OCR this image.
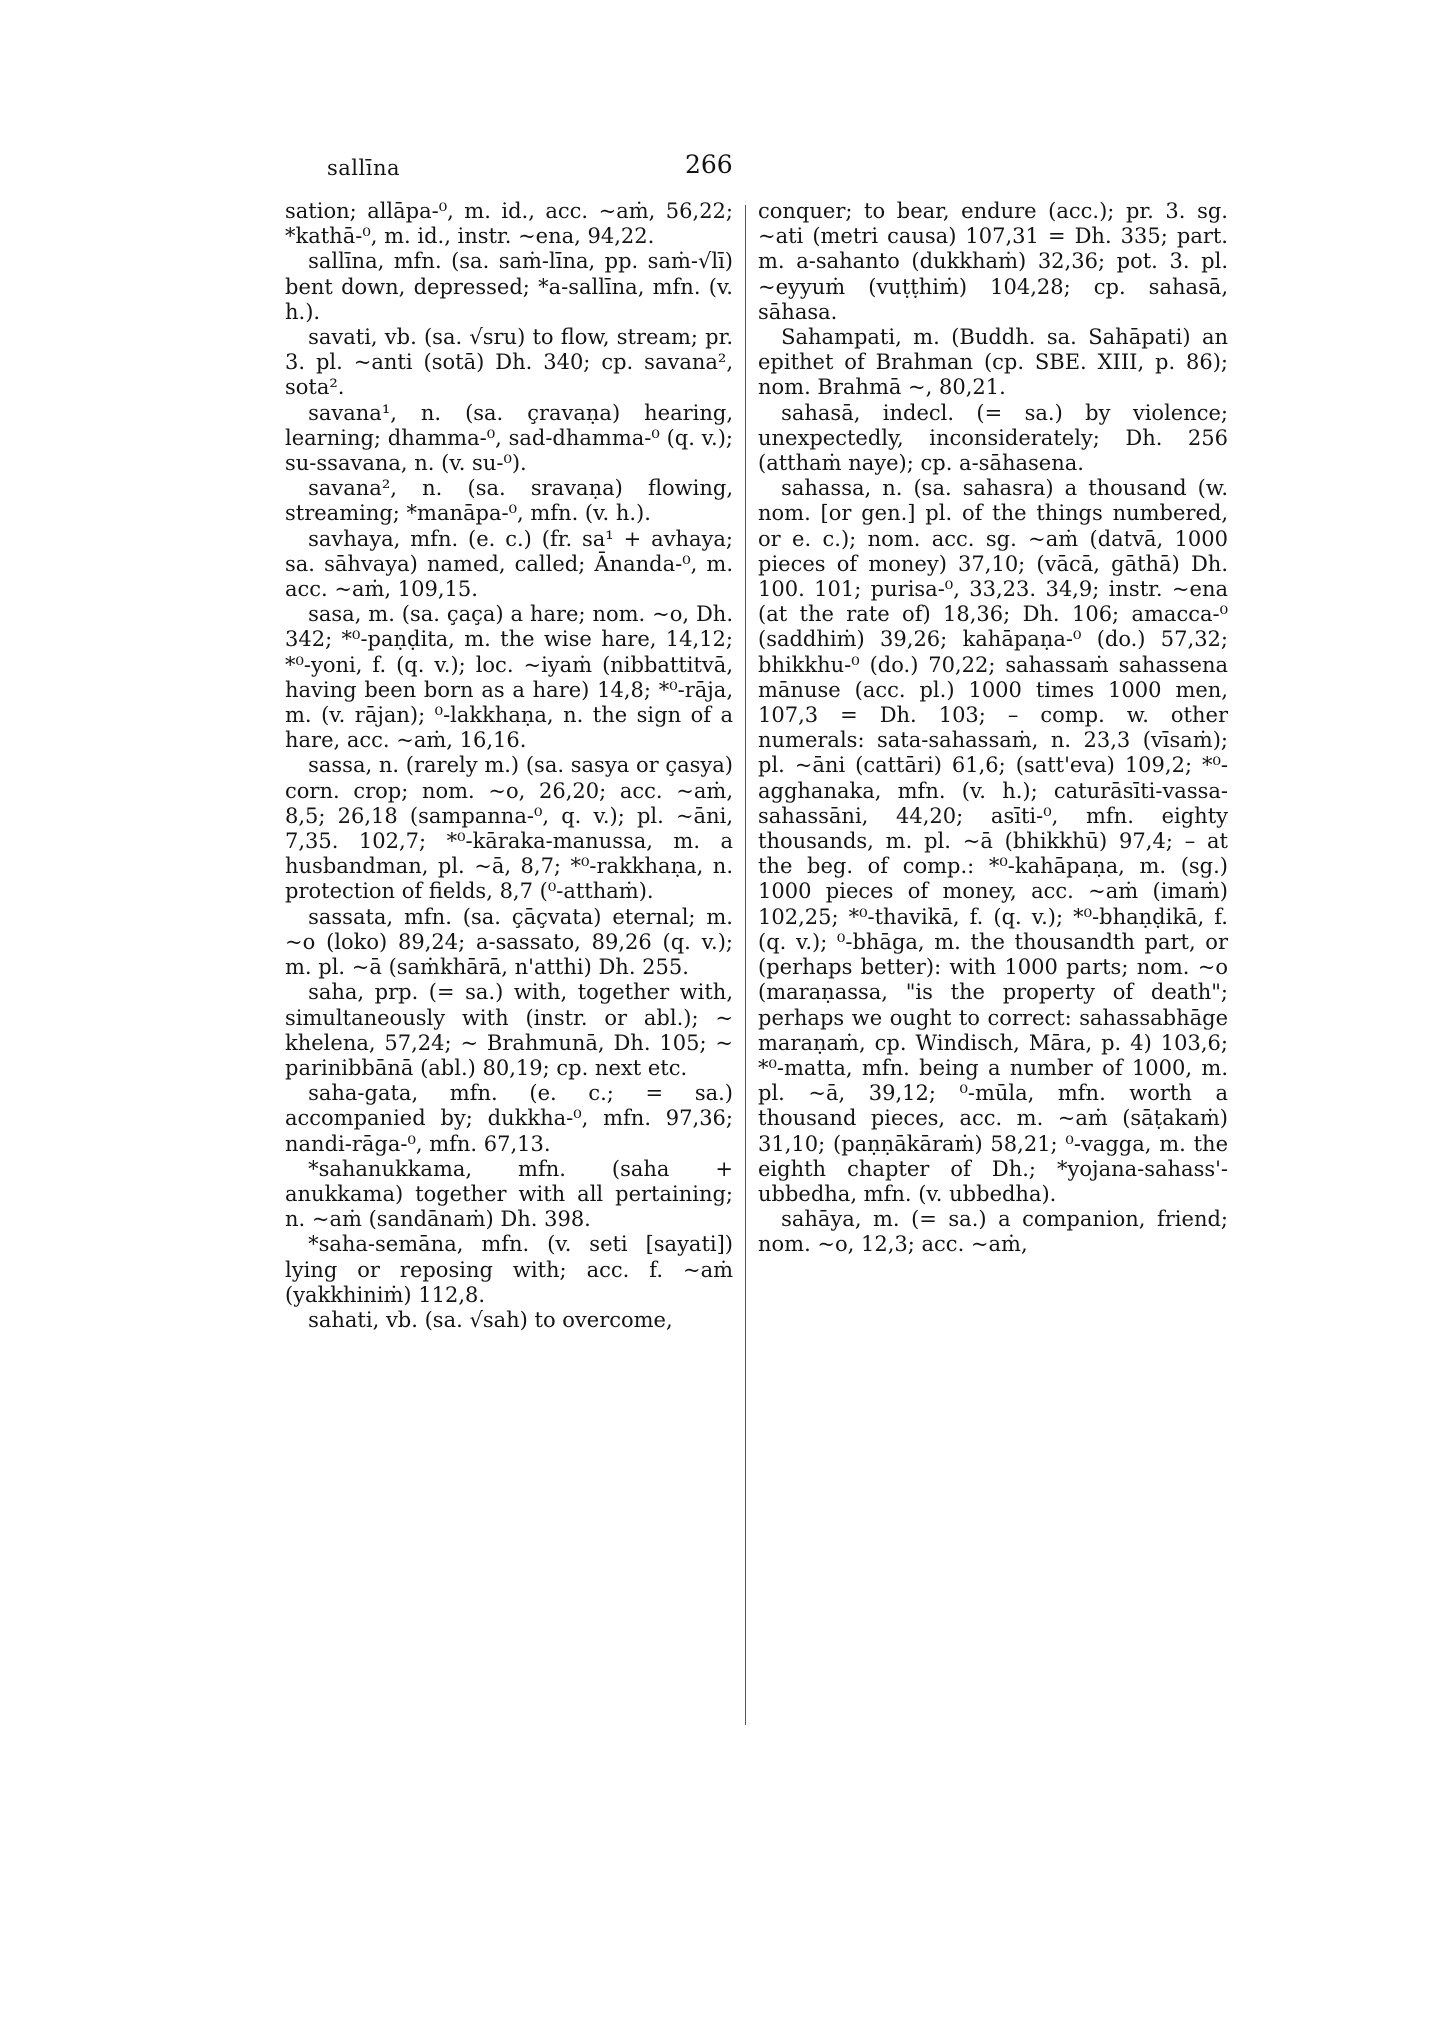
sallīna	266

sation; allāpa-⁰, m. id., acc. ~aṁ, 56,22; *kathā-⁰, m. id., instr. ~ena, 94,22.

sallīna, mfn. (sa. saṁ-līna, pp. saṁ-√lī) bent down, depressed; *a-sallīna, mfn. (v. h.).

savati, vb. (sa. √sru) to flow, stream; pr. 3. pl. ~anti (sotā) Dh. 340; cp. savana², sota².

savana¹, n. (sa. çravaṇa) hearing, learning; dhamma-⁰, sad-dhamma-⁰ (q. v.); su-ssavana, n. (v. su-⁰).

savana², n. (sa. sravaṇa) flowing, streaming; *manāpa-⁰, mfn. (v. h.).

savhaya, mfn. (e. c.) (fr. sa¹ + avhaya; sa. sāhvaya) named, called; Ānanda-⁰, m. acc. ~aṁ, 109,15.

sasa, m. (sa. çaça) a hare; nom. ~o, Dh. 342; *⁰-paṇḍita, m. the wise hare, 14,12; *⁰-yoni, f. (q. v.); loc. ~iyaṁ (nibbattitvā, having been born as a hare) 14,8; *⁰-rāja, m. (v. rājan); ⁰-lakkhaṇa, n. the sign of a hare, acc. ~aṁ, 16,16.

sassa, n. (rarely m.) (sa. sasya or çasya) corn. crop; nom. ~o, 26,20; acc. ~aṁ, 8,5; 26,18 (sampanna-⁰, q. v.); pl. ~āni, 7,35. 102,7; *⁰-kāraka-manussa, m. a husbandman, pl. ~ā, 8,7; *⁰-rakkhaṇa, n. protection of fields, 8,7 (⁰-atthaṁ).

sassata, mfn. (sa. çāçvata) eternal; m. ~o (loko) 89,24; a-sassato, 89,26 (q. v.); m. pl. ~ā (saṁkhārā, n'atthi) Dh. 255.

saha, prp. (= sa.) with, together with, simultaneously with (instr. or abl.); ~ khelena, 57,24; ~ Brahmunā, Dh. 105; ~ parinibbānā (abl.) 80,19; cp. next etc.

saha-gata, mfn. (e. c.; = sa.) accompanied by; dukkha-⁰, mfn. 97,36; nandi-rāga-⁰, mfn. 67,13.

*sahanukkama, mfn. (saha + anukkama) together with all pertaining; n. ~aṁ (sandānaṁ) Dh. 398.

*saha-semāna, mfn. (v. seti [sayati]) lying or reposing with; acc. f. ~aṁ (yakkhiniṁ) 112,8.

sahati, vb. (sa. √sah) to overcome,

conquer; to bear, endure (acc.); pr. 3. sg. ~ati (metri causa) 107,31 = Dh. 335; part. m. a-sahanto (dukkhaṁ) 32,36; pot. 3. pl. ~eyyuṁ (vuṭṭhiṁ) 104,28; cp. sahasā, sāhasa.

Sahampati, m. (Buddh. sa. Sahāpati) an epithet of Brahman (cp. SBE. XIII, p. 86); nom. Brahmā ~, 80,21.

sahasā, indecl. (= sa.) by violence; unexpectedly, inconsiderately; Dh. 256 (atthaṁ naye); cp. a-sāhasena.

sahassa, n. (sa. sahasra) a thousand (w. nom. [or gen.] pl. of the things numbered, or e. c.); nom. acc. sg. ~aṁ (datvā, 1000 pieces of money) 37,10; (vācā, gāthā) Dh. 100. 101; purisa-⁰, 33,23. 34,9; instr. ~ena (at the rate of) 18,36; Dh. 106; amacca-⁰ (saddhiṁ) 39,26; kahāpaṇa-⁰ (do.) 57,32; bhikkhu-⁰ (do.) 70,22; sahassaṁ sahassena mānuse (acc. pl.) 1000 times 1000 men, 107,3 = Dh. 103; – comp. w. other numerals: sata-sahassaṁ, n. 23,3 (vīsaṁ); pl. ~āni (cattāri) 61,6; (satt'eva) 109,2; *⁰-agghanaka, mfn. (v. h.); caturāsīti-vassa-sahassāni, 44,20; asīti-⁰, mfn. eighty thousands, m. pl. ~ā (bhikkhū) 97,4; – at the beg. of comp.: *⁰-kahāpaṇa, m. (sg.) 1000 pieces of money, acc. ~aṁ (imaṁ) 102,25; *⁰-thavikā, f. (q. v.); *⁰-bhaṇḍikā, f. (q. v.); ⁰-bhāga, m. the thousandth part, or (perhaps better): with 1000 parts; nom. ~o (maraṇassa, "is the property of death"; perhaps we ought to correct: sahassabhāge maraṇaṁ, cp. Windisch, Māra, p. 4) 103,6; *⁰-matta, mfn. being a number of 1000, m. pl. ~ā, 39,12; ⁰-mūla, mfn. worth a thousand pieces, acc. m. ~aṁ (sāṭakaṁ) 31,10; (paṇṇākāraṁ) 58,21; ⁰-vagga, m. the eighth chapter of Dh.; *yojana-sahass'-ubbedha, mfn. (v. ubbedha).

sahāya, m. (= sa.) a companion, friend; nom. ~o, 12,3; acc. ~aṁ,
